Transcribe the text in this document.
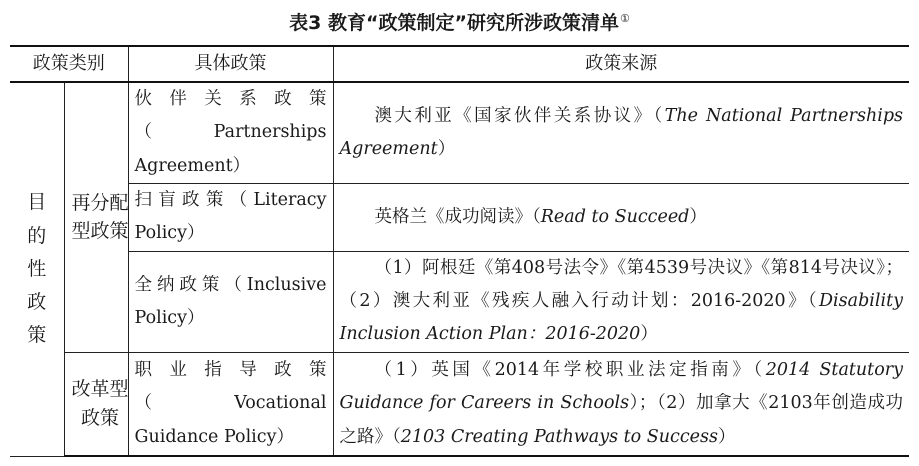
表3 教育“政策制定”研究所涉政策清单①
政策类别		具体政策	政策来源
目的性政策	再分配型政策	伙伴关系政策（Partnerships Agreement）	澳大利亚《国家伙伴关系协议》（The National Partnerships Agreement）

		扫盲政策（Literacy Policy）	英格兰《成功阅读》（Read to Succeed）

		全纳政策（Inclusive Policy）	（1）阿根廷《第408号法令》《第4539号决议》《第814号决议》；（2）澳大利亚《残疾人融入行动计划：2016-2020》（Disability Inclusion Action Plan：2016-2020）

	改革型政策	职业指导政策（Vocational Guidance Policy）	（1）英国《2014年学校职业法定指南》（2014 Statutory Guidance for Careers in Schools）；（2）加拿大《2103年创造成功之路》（2103 Creating Pathways to Success）
